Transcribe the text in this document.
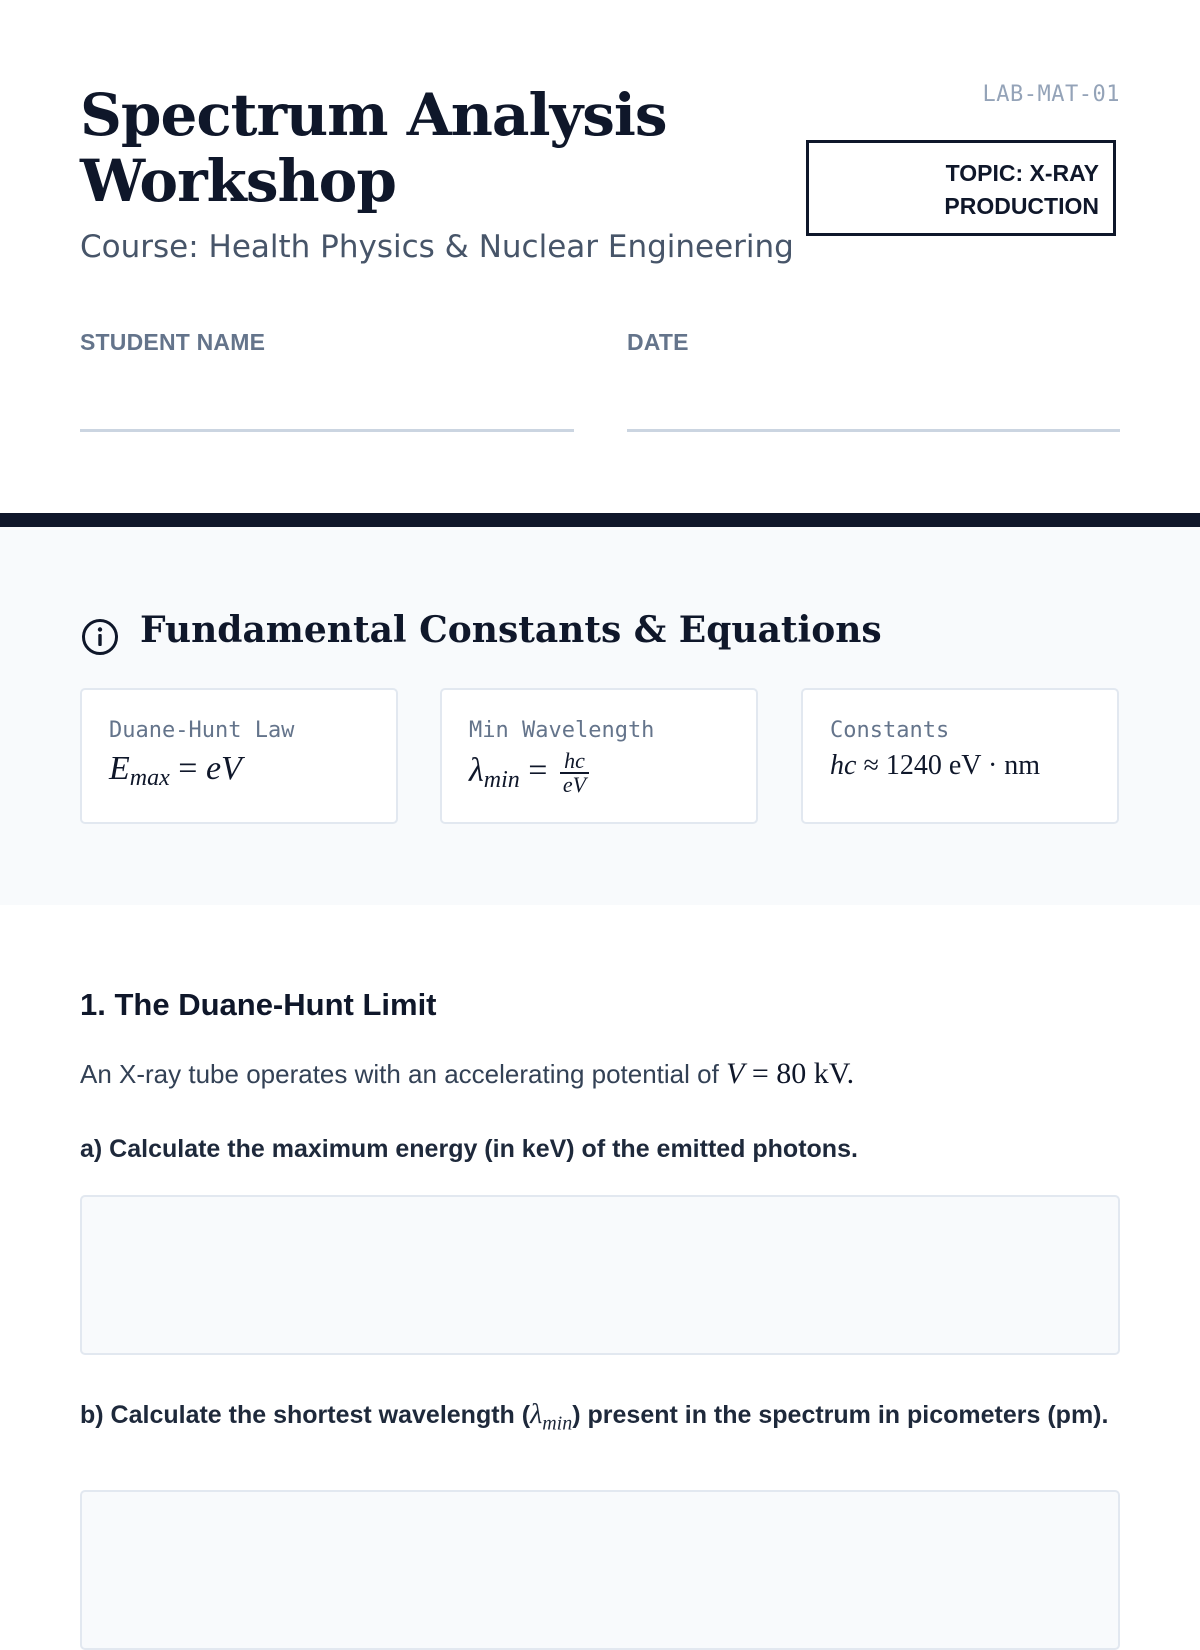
Spectrum Analysis Workshop
Course: Health Physics & Nuclear Engineering
LAB-MAT-01
TOPIC: X-RAY
PRODUCTION
STUDENT NAME	DATE
Fundamental Constants & Equations
Duane-Hunt Law
$E_{max}$ = eV
Min Wavelength
$\lambda_{min} = \frac{hc}{eV}$
Constants
hc ≈ 1240 eV · nm
1. The Duane-Hunt Limit
An X-ray tube operates with an accelerating potential of V = 80 kV.
a) Calculate the maximum energy (in keV) of the emitted photons.
b) Calculate the shortest wavelength $(\lambda_{min})$ present in the spectrum in picometers (pm).
